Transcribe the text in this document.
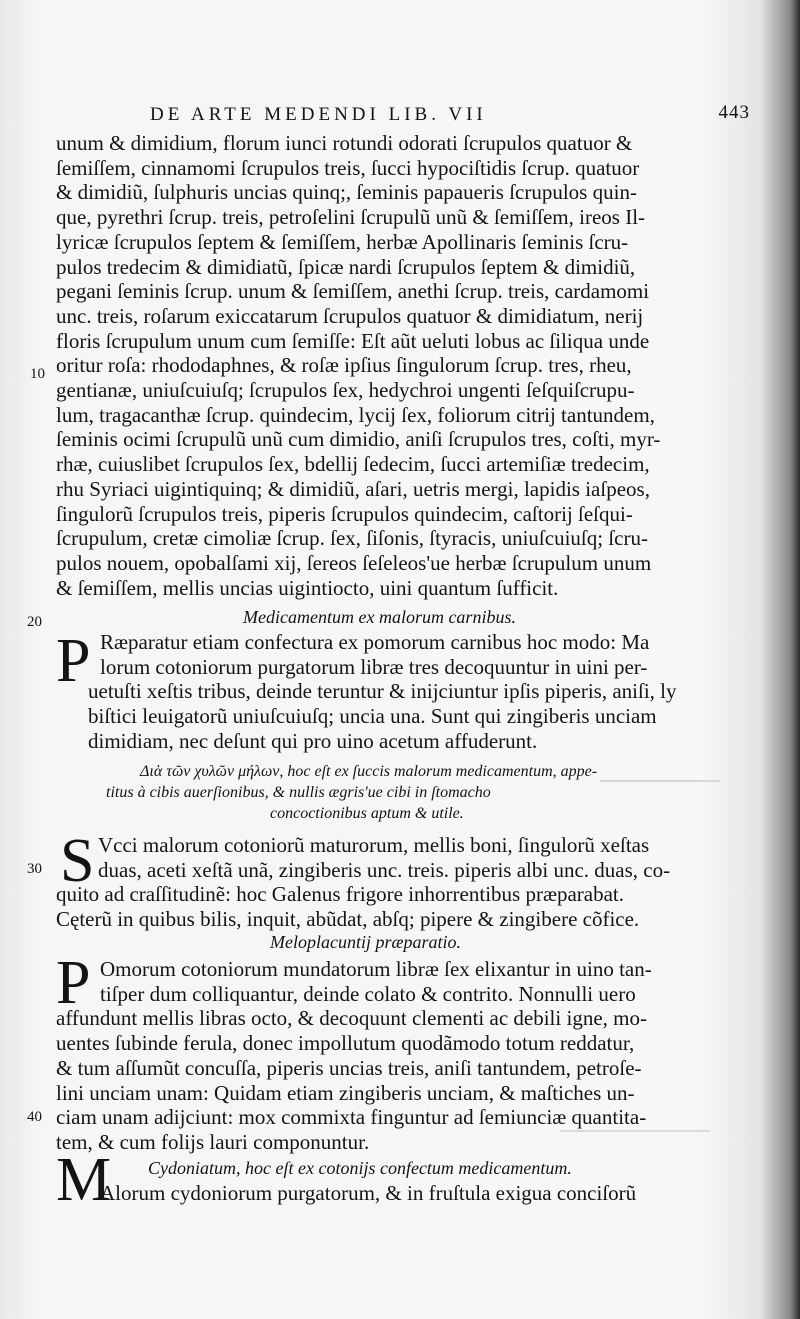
DE ARTE MEDENDI LIB. VII	443
unum & dimidium, florum iunci rotundi odorati ſcrupulos quatuor &
ſemiſſem, cinnamomi ſcrupulos treis, ſucci hypociſtidis ſcrup. quatuor
& dimidiũ, ſulphuris uncias quinq;, ſeminis papaueris ſcrupulos quin-
que, pyrethri ſcrup. treis, petroſelini ſcrupulũ unũ & ſemiſſem, ireos Il-
lyricæ ſcrupulos ſeptem & ſemiſſem, herbæ Apollinaris ſeminis ſcru-
pulos tredecim & dimidiatũ, ſpicæ nardi ſcrupulos ſeptem & dimidiũ,
pegani ſeminis ſcrup. unum & ſemiſſem, anethi ſcrup. treis, cardamomi
unc. treis, roſarum exiccatarum ſcrupulos quatuor & dimidiatum, nerij
floris ſcrupulum unum cum ſemiſſe: Eſt aũt ueluti lobus ac ſiliqua unde
oritur roſa: rhododaphnes, & roſæ ipſius ſingulorum ſcrup. tres, rheu,
gentianæ, uniuſcuiuſq; ſcrupulos ſex, hedychroi ungenti ſeſquiſcrupu-
lum, tragacanthæ ſcrup. quindecim, lycij ſex, foliorum citrij tantundem,
ſeminis ocimi ſcrupulũ unũ cum dimidio, aniſi ſcrupulos tres, coſti, myr-
rhæ, cuiuslibet ſcrupulos ſex, bdellij ſedecim, ſucci artemiſiæ tredecim,
rhu Syriaci uigintiquinq; & dimidiũ, aſari, uetris mergi, lapidis iaſpeos,
ſingulorũ ſcrupulos treis, piperis ſcrupulos quindecim, caſtorij ſeſqui-
ſcrupulum, cretæ cimoliæ ſcrup. ſex, ſiſonis, ſtyracis, uniuſcuiuſq; ſcru-
pulos nouem, opobalſami xij, ſereos ſeſeleos'ue herbæ ſcrupulum unum
& ſemiſſem, mellis uncias uigintiocto, uini quantum ſufficit.
10
20
30
40
Medicamentum ex malorum carnibus.
P Ræparatur etiam confectura ex pomorum carnibus hoc modo: Ma
lorum cotoniorum purgatorum libræ tres decoquuntur in uini per-
uetuſti xeſtis tribus, deinde teruntur & inijciuntur ipſis piperis, aniſi, ly
biſtici leuigatorũ uniuſcuiuſq; uncia una. Sunt qui zingiberis unciam
dimidiam, nec deſunt qui pro uino acetum affuderunt.
Διὰ τῶν χυλῶν μήλων, hoc eſt ex ſuccis malorum medicamentum, appe-
titus à cibis auerſionibus, & nullis ægris'ue cibi in ſtomacho
concoctionibus aptum & utile.
S Vcci malorum cotoniorũ maturorum, mellis boni, ſingulorũ xeſtas
duas, aceti xeſtã unã, zingiberis unc. treis. piperis albi unc. duas, co-
quito ad craſſitudinẽ: hoc Galenus frigore inhorrentibus præparabat.
Cęterũ in quibus bilis, inquit, abũdat, abſq; pipere & zingibere cõfice.
Meloplacuntij præparatio.
P Omorum cotoniorum mundatorum libræ ſex elixantur in uino tan-
tiſper dum colliquantur, deinde colato & contrito. Nonnulli uero
affundunt mellis libras octo, & decoquunt clementi ac debili igne, mo-
uentes ſubinde ferula, donec impollutum quodãmodo totum reddatur,
& tum aſſumũt concuſſa, piperis uncias treis, aniſi tantundem, petroſe-
lini unciam unam: Quidam etiam zingiberis unciam, & maſtiches un-
ciam unam adijciunt: mox commixta finguntur ad ſemiunciæ quantita-
tem, & cum folijs lauri componuntur.
Cydoniatum, hoc eſt ex cotonijs confectum medicamentum.
M
Alorum cydoniorum purgatorum, & in fruſtula exigua conciſorũ
